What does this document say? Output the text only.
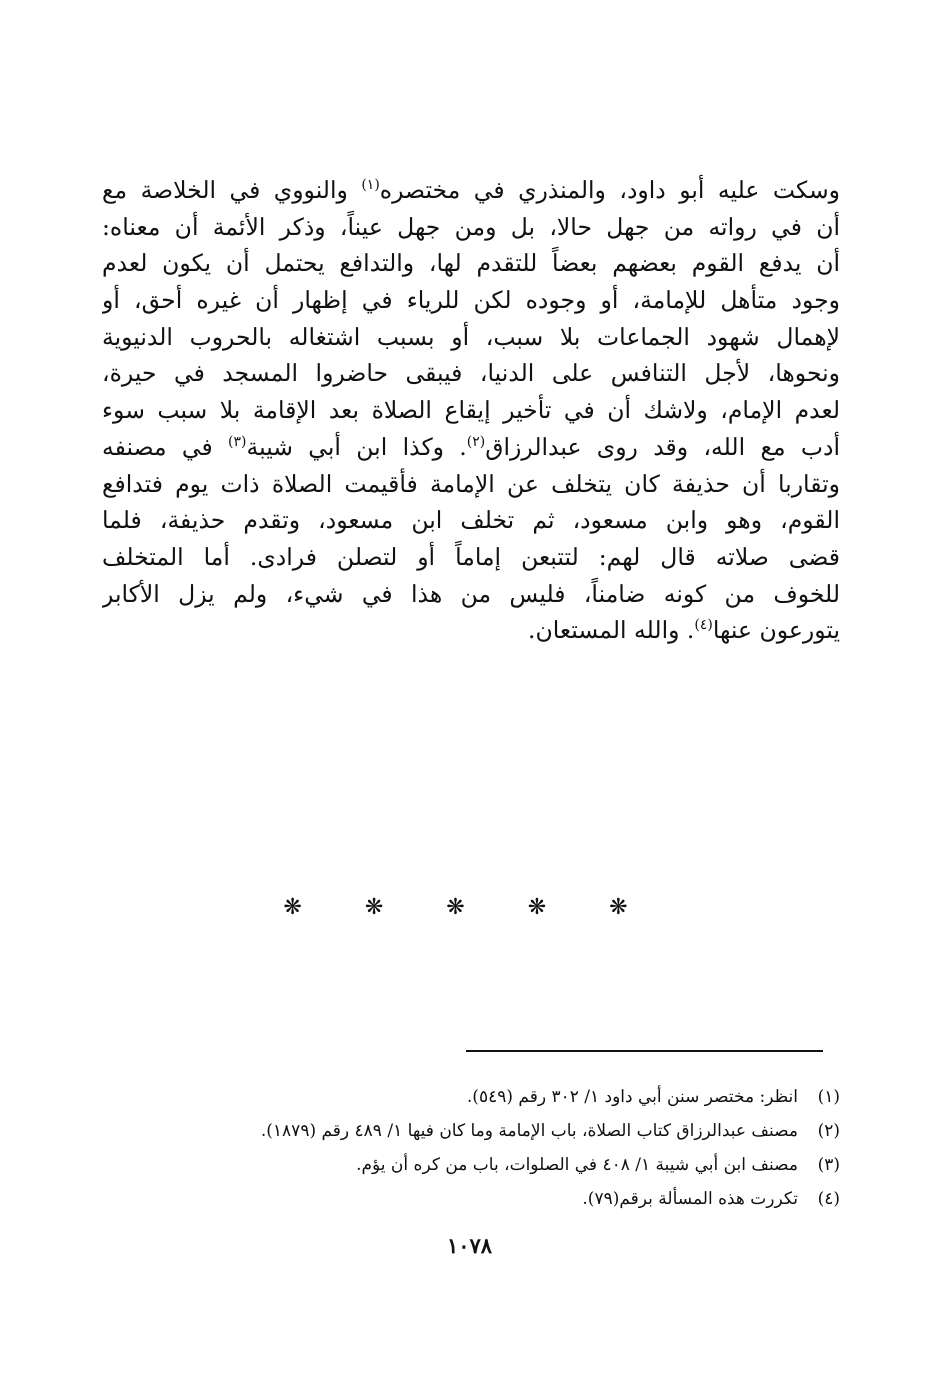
وسكت عليه أبو داود، والمنذري في مختصره$^{(١)}$ والنووي في الخلاصة مع
أن في رواته من جهل حالا، بل ومن جهل عيناً، وذكر الأئمة أن معناه:
أن يدفع القوم بعضهم بعضاً للتقدم لها، والتدافع يحتمل أن يكون لعدم
وجود متأهل للإمامة، أو وجوده لكن للرياء في إظهار أن غيره أحق، أو
لإهمال شهود الجماعات بلا سبب، أو بسبب اشتغاله بالحروب الدنيوية
ونحوها، لأجل التنافس على الدنيا، فيبقى حاضروا المسجد في حيرة،
لعدم الإمام، ولاشك أن في تأخير إيقاع الصلاة بعد الإقامة بلا سبب سوء
أدب مع الله، وقد روى عبدالرزاق$^{(٢)}$. وكذا ابن أبي شيبة$^{(٣)}$ في مصنفه
وتقاربا أن حذيفة كان يتخلف عن الإمامة فأقيمت الصلاة ذات يوم فتدافع
القوم، وهو وابن مسعود، ثم تخلف ابن مسعود، وتقدم حذيفة، فلما
قضى صلاته قال لهم: لتتبعن إماماً أو لتصلن فرادى. أما المتخلف
للخوف من كونه ضامناً، فليس من هذا في شيء، ولم يزل الأكابر
يتورعون عنها$^{(٤)}$. والله المستعان.
❋ ❋ ❋ ❋ ❋
(١)انظر: مختصر سنن أبي داود ١/ ٣٠٢ رقم (٥٤٩).
(٢)مصنف عبدالرزاق كتاب الصلاة، باب الإمامة وما كان فيها ١/ ٤٨٩ رقم (١٨٧٩).
(٣)مصنف ابن أبي شيبة ١/ ٤٠٨ في الصلوات، باب من كره أن يؤم.
(٤)تكررت هذه المسألة برقم(٧٩).
١٠٧٨
